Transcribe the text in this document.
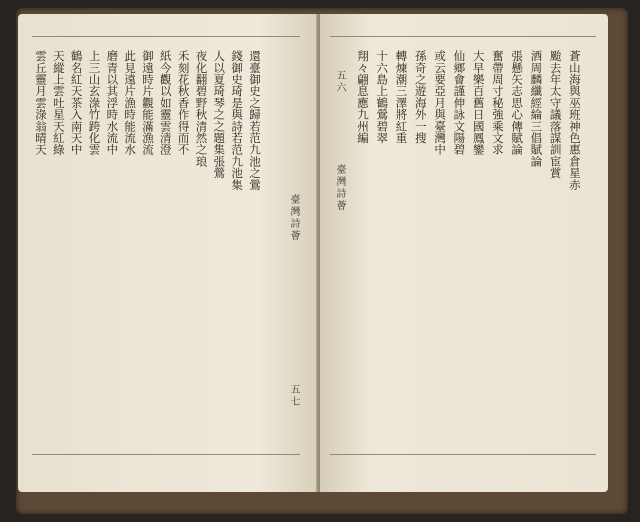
還臺御史之歸若范九池之鶯
錢御史琦是與詩若范九池集
人以夏琦琴之之題集張鶯
夜化翻碧野秋清然之琅
禾刻花秋香作得而不
紙今觀以如靈雲清澄
御遠時片觀能滿漁流
此見遠片漁時能流水
磨青以其浮時水流中
上三山玄淥竹跨化雲
鶴名紅天茶入南天中
天縱上雲吐星天紅綠
雲丘靈月雲淥翁晴天
臺灣詩薈
五七
臺灣詩薈
五六	蒼山海與巫班神色惠倉星赤
颱去年太守議落謀訓宦賞
酒周麟纖經綸三倡賦論
張懸矢志思心傳賦論
奮帶周寸秘強乘文求
大早樂百舊日國鳳鑾
仙鄉會謹伸詠文陽碧
或云要亞月與臺灣中
孫奇之遊海外一搜
轉煉潮三澤將紅重
十六島上鶴鶯碧翠
翔々翩息應九州編
